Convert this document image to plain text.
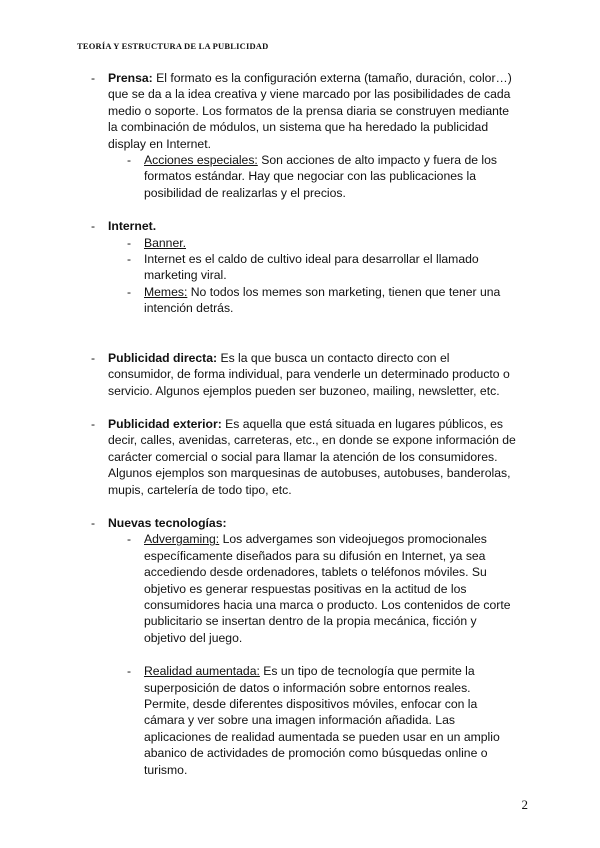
TEORÍA Y ESTRUCTURA DE LA PUBLICIDAD
- Prensa: El formato es la configuración externa (tamaño, duración, color…) que se da a la idea creativa y viene marcado por las posibilidades de cada medio o soporte. Los formatos de la prensa diaria se construyen mediante la combinación de módulos, un sistema que ha heredado la publicidad display en Internet.
- Acciones especiales: Son acciones de alto impacto y fuera de los formatos estándar. Hay que negociar con las publicaciones la posibilidad de realizarlas y el precios.
- Internet.
- Banner.
- Internet es el caldo de cultivo ideal para desarrollar el llamado marketing viral.
- Memes: No todos los memes son marketing, tienen que tener una intención detrás.
- Publicidad directa: Es la que busca un contacto directo con el consumidor, de forma individual, para venderle un determinado producto o servicio. Algunos ejemplos pueden ser buzoneo, mailing, newsletter, etc.
- Publicidad exterior: Es aquella que está situada en lugares públicos, es decir, calles, avenidas, carreteras, etc., en donde se expone información de carácter comercial o social para llamar la atención de los consumidores. Algunos ejemplos son marquesinas de autobuses, autobuses, banderolas, mupis, cartelería de todo tipo, etc.
- Nuevas tecnologías:
- Advergaming: Los advergames son videojuegos promocionales específicamente diseñados para su difusión en Internet, ya sea accediendo desde ordenadores, tablets o teléfonos móviles. Su objetivo es generar respuestas positivas en la actitud de los consumidores hacia una marca o producto. Los contenidos de corte publicitario se insertan dentro de la propia mecánica, ficción y objetivo del juego.
- Realidad aumentada: Es un tipo de tecnología que permite la superposición de datos o información sobre entornos reales. Permite, desde diferentes dispositivos móviles, enfocar con la cámara y ver sobre una imagen información añadida. Las aplicaciones de realidad aumentada se pueden usar en un amplio abanico de actividades de promoción como búsquedas online o turismo.
2
